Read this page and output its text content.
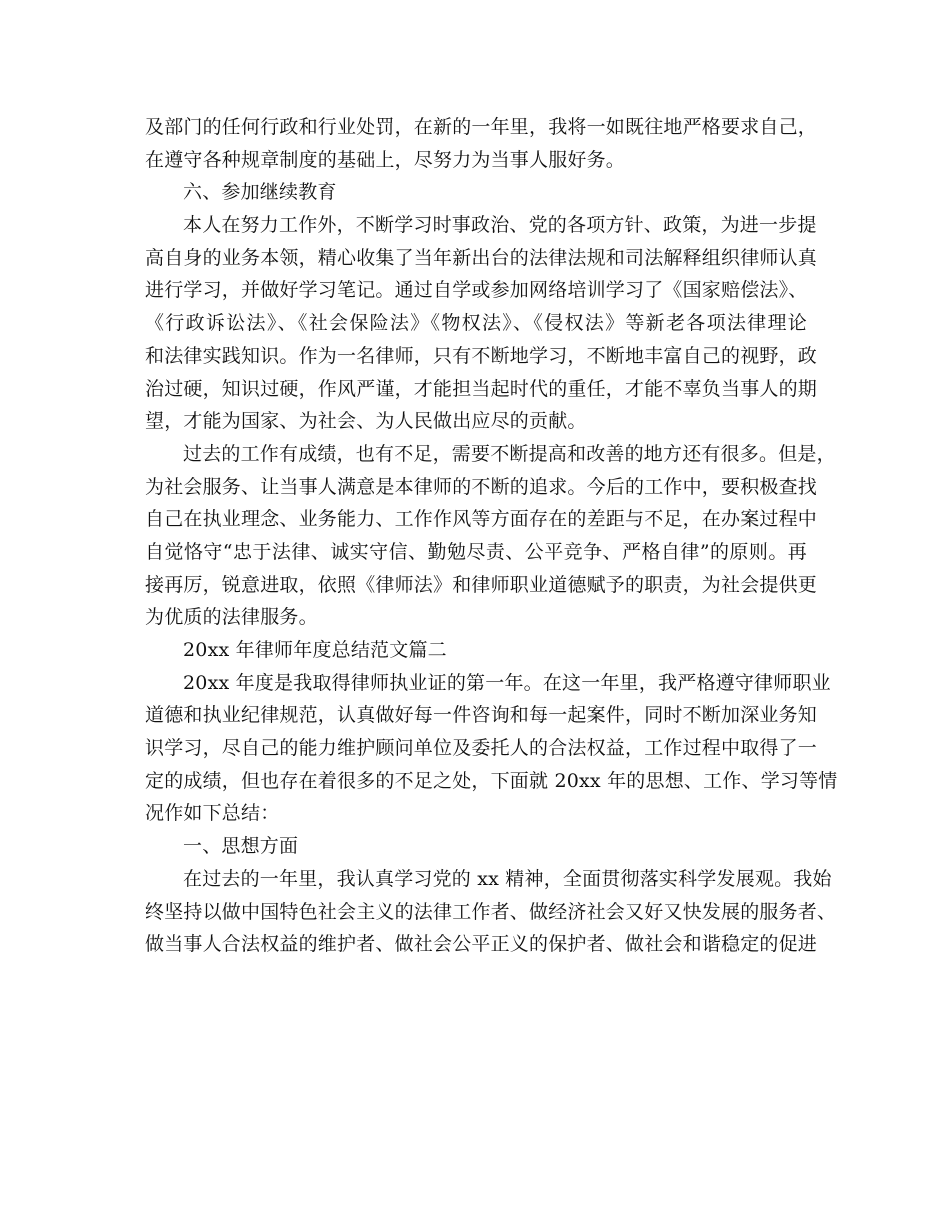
及部门的任何行政和行业处罚，在新的一年里，我将一如既往地严格要求自己，
在遵守各种规章制度的基础上，尽努力为当事人服好务。
六、参加继续教育
本人在努力工作外，不断学习时事政治、党的各项方针、政策，为进一步提
高自身的业务本领，精心收集了当年新出台的法律法规和司法解释组织律师认真
进行学习，并做好学习笔记。通过自学或参加网络培训学习了《国家赔偿法》、
《行政诉讼法》、《社会保险法》《物权法》、《侵权法》等新老各项法律理论
和法律实践知识。作为一名律师，只有不断地学习，不断地丰富自己的视野，政
治过硬，知识过硬，作风严谨，才能担当起时代的重任，才能不辜负当事人的期
望，才能为国家、为社会、为人民做出应尽的贡献。
过去的工作有成绩，也有不足，需要不断提高和改善的地方还有很多。但是，
为社会服务、让当事人满意是本律师的不断的追求。今后的工作中，要积极查找
自己在执业理念、业务能力、工作作风等方面存在的差距与不足，在办案过程中
自觉恪守“忠于法律、诚实守信、勤勉尽责、公平竞争、严格自律”的原则。再
接再厉，锐意进取，依照《律师法》和律师职业道德赋予的职责，为社会提供更
为优质的法律服务。
20xx 年律师年度总结范文篇二
20xx 年度是我取得律师执业证的第一年。在这一年里，我严格遵守律师职业
道德和执业纪律规范，认真做好每一件咨询和每一起案件，同时不断加深业务知
识学习，尽自己的能力维护顾问单位及委托人的合法权益，工作过程中取得了一
定的成绩，但也存在着很多的不足之处，下面就 20xx 年的思想、工作、学习等情
况作如下总结：
一、思想方面
在过去的一年里，我认真学习党的 xx 精神，全面贯彻落实科学发展观。我始
终坚持以做中国特色社会主义的法律工作者、做经济社会又好又快发展的服务者、
做当事人合法权益的维护者、做社会公平正义的保护者、做社会和谐稳定的促进
